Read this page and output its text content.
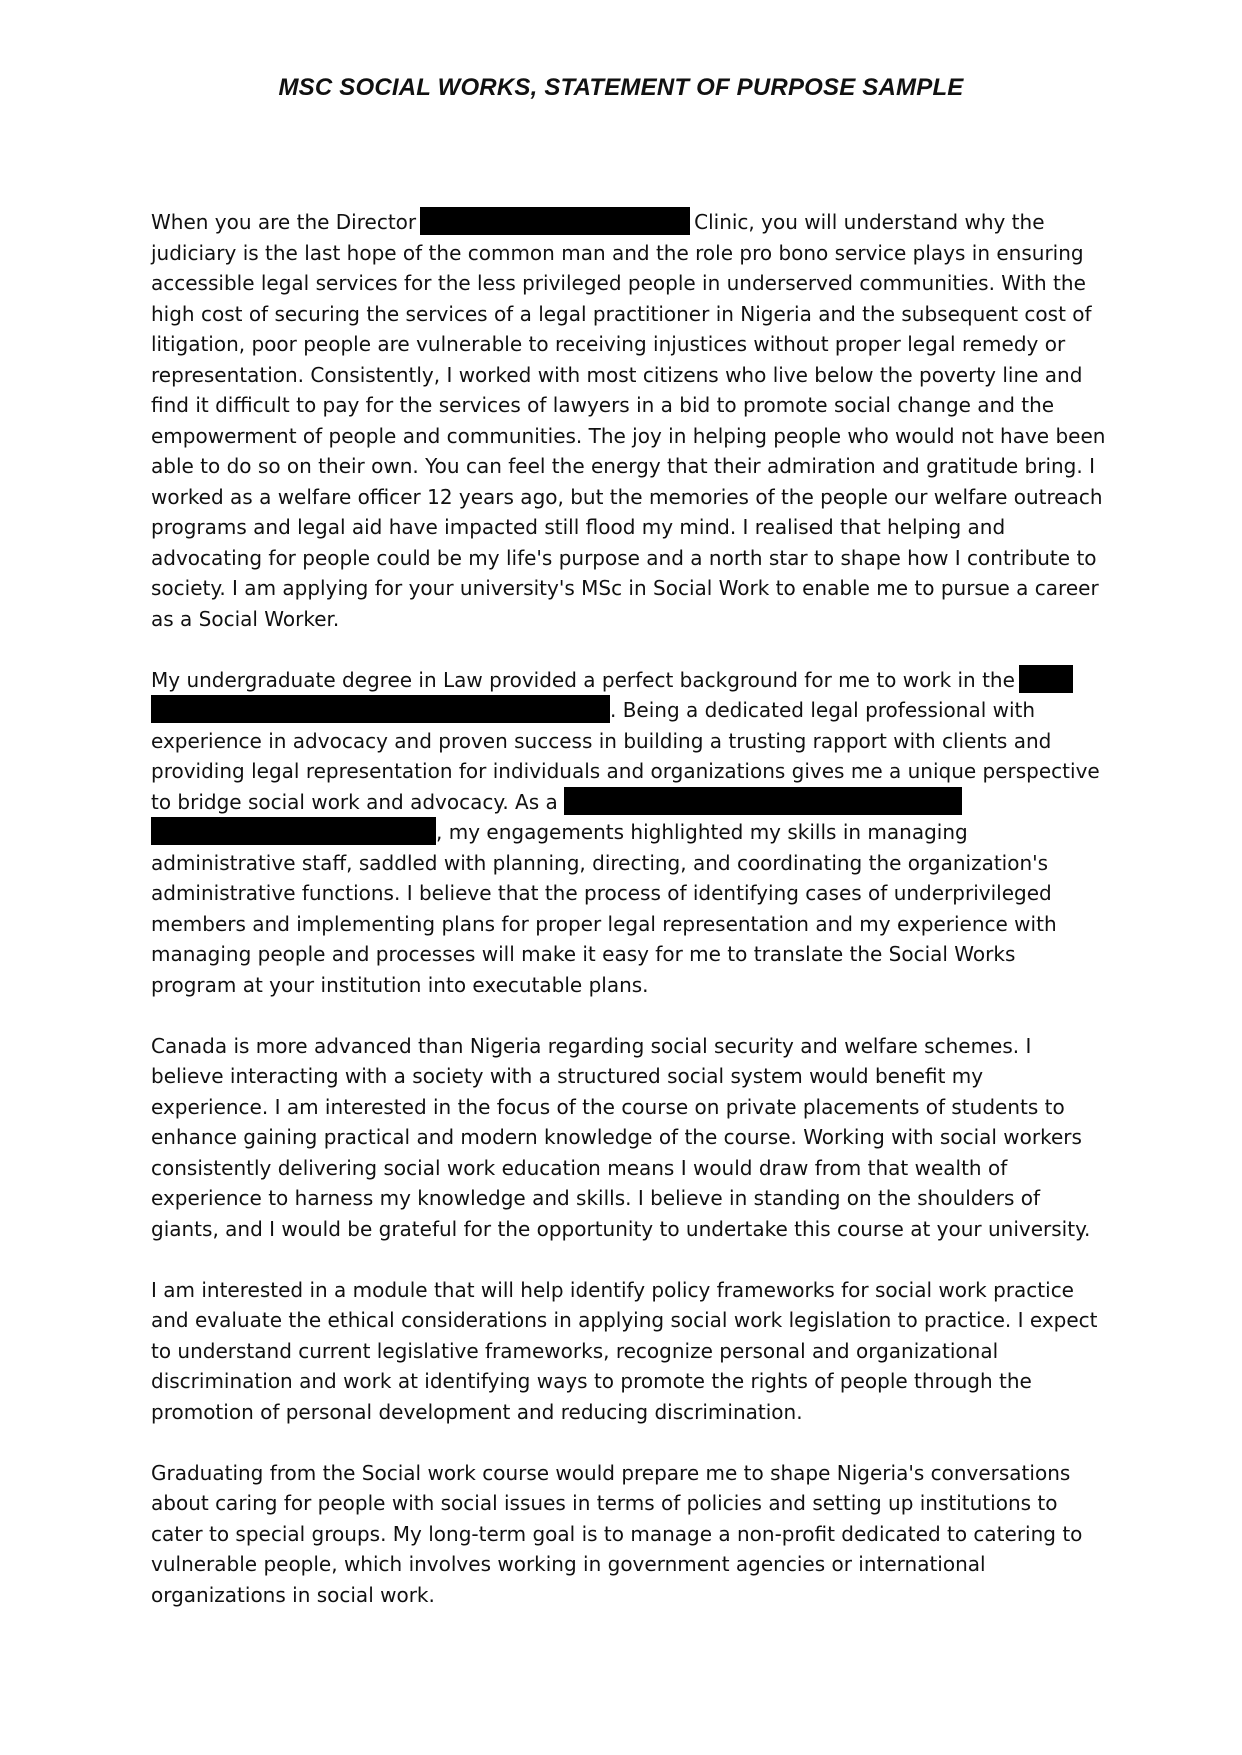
MSC SOCIAL WORKS, STATEMENT OF PURPOSE SAMPLE

When you are the Director	Clinic, you will understand why the judiciary is the last hope of the common man and the role pro bono service plays in ensuring accessible legal services for the less privileged people in underserved communities. With the high cost of securing the services of a legal practitioner in Nigeria and the subsequent cost of litigation, poor people are vulnerable to receiving injustices without proper legal remedy or representation. Consistently, I worked with most citizens who live below the poverty line and find it difficult to pay for the services of lawyers in a bid to promote social change and the empowerment of people and communities. The joy in helping people who would not have been able to do so on their own. You can feel the energy that their admiration and gratitude bring. I worked as a welfare officer 12 years ago, but the memories of the people our welfare outreach programs and legal aid have impacted still flood my mind. I realised that helping and advocating for people could be my life's purpose and a north star to shape how I contribute to society. I am applying for your university's MSc in Social Work to enable me to pursue a career as a Social Worker.

My undergraduate degree in Law provided a perfect background for me to work in the . Being a dedicated legal professional with experience in advocacy and proven success in building a trusting rapport with clients and providing legal representation for individuals and organizations gives me a unique perspective to bridge social work and advocacy. As a  , my engagements highlighted my skills in managing administrative staff, saddled with planning, directing, and coordinating the organization's administrative functions. I believe that the process of identifying cases of underprivileged members and implementing plans for proper legal representation and my experience with managing people and processes will make it easy for me to translate the Social Works program at your institution into executable plans.

Canada is more advanced than Nigeria regarding social security and welfare schemes. I believe interacting with a society with a structured social system would benefit my experience. I am interested in the focus of the course on private placements of students to enhance gaining practical and modern knowledge of the course. Working with social workers consistently delivering social work education means I would draw from that wealth of experience to harness my knowledge and skills. I believe in standing on the shoulders of giants, and I would be grateful for the opportunity to undertake this course at your university.

I am interested in a module that will help identify policy frameworks for social work practice and evaluate the ethical considerations in applying social work legislation to practice. I expect to understand current legislative frameworks, recognize personal and organizational discrimination and work at identifying ways to promote the rights of people through the promotion of personal development and reducing discrimination.

Graduating from the Social work course would prepare me to shape Nigeria's conversations about caring for people with social issues in terms of policies and setting up institutions to cater to special groups. My long-term goal is to manage a non-profit dedicated to catering to vulnerable people, which involves working in government agencies or international organizations in social work.
